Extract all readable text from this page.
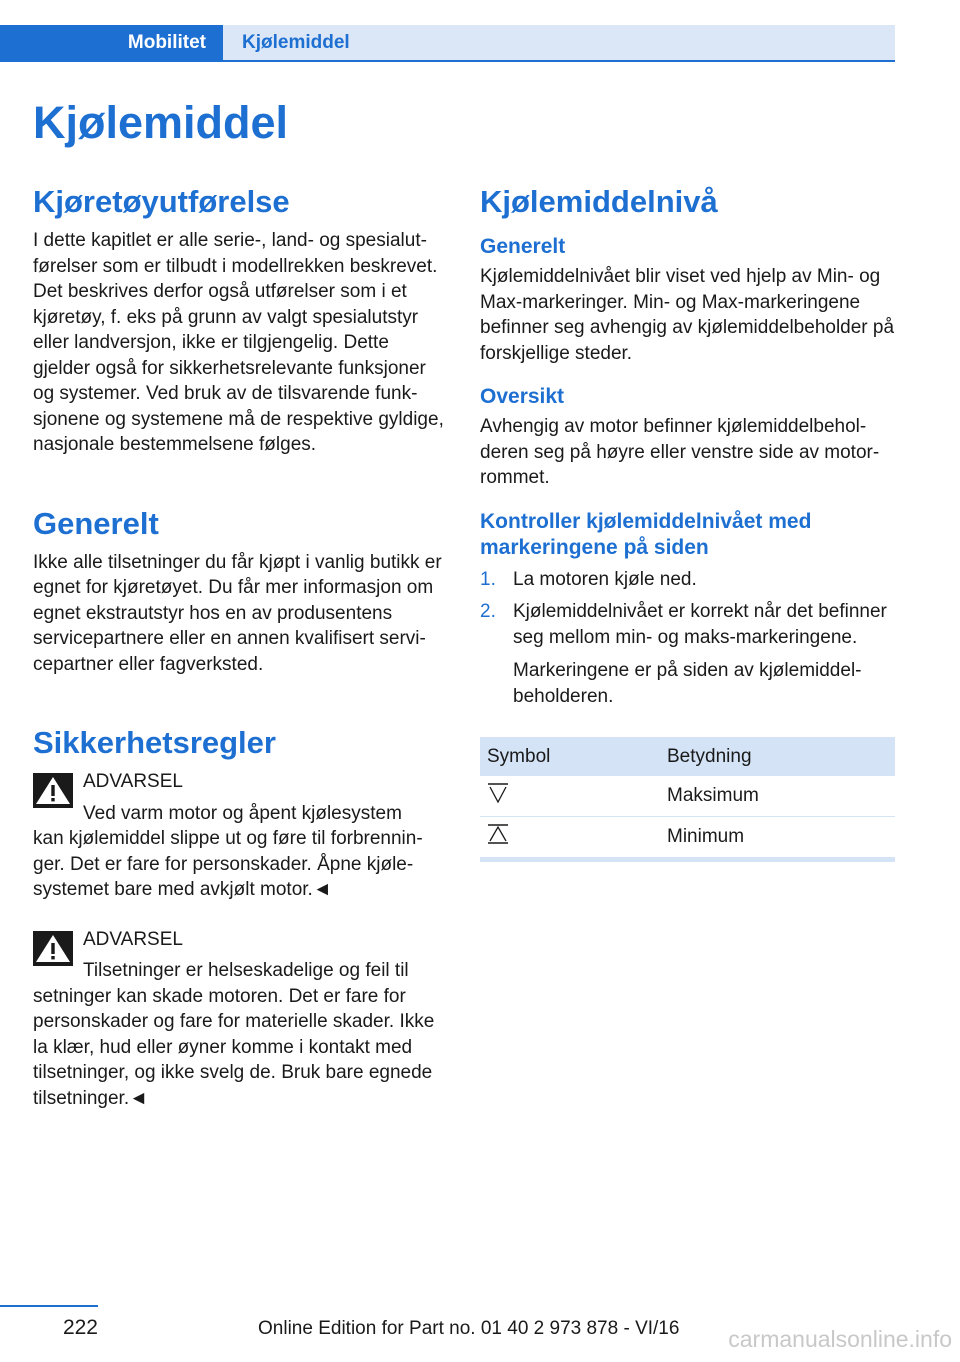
Mobilitet Kjølemiddel
Kjølemiddel
Kjøretøyutførelse

I dette kapitlet er alle serie-, land- og spesialutførelser som er tilbudt i modellrekken beskrevet. Det beskrives derfor også utførelser som i et kjøretøy, f. eks på grunn av valgt spesialutstyr eller landversjon, ikke er tilgjengelig. Dette gjelder også for sikkerhetsrelevante funksjoner og systemer. Ved bruk av de tilsvarende funksjonene og systemene må de respektive gyldige, nasjonale bestemmelsene følges.

Generelt

Ikke alle tilsetninger du får kjøpt i vanlig butikk er egnet for kjøretøyet. Du får mer informasjon om egnet ekstrautstyr hos en av produsentens servicepartnere eller en annen kvalifisert servicepartner eller fagverksted.

Sikkerhetsregler
ADVARSEL
Ved varm motor og åpent kjølesystem
kan kjølemiddel slippe ut og føre til forbrenninger. Det er fare for personskader. Åpne kjølesystemet bare med avkjølt motor.◄
ADVARSEL
Tilsetninger er helseskadelige og feil til
setninger kan skade motoren. Det er fare for personskader og fare for materielle skader. Ikke la klær, hud eller øyner komme i kontakt med tilsetninger, og ikke svelg de. Bruk bare egnede tilsetninger.◄
Kjølemiddelnivå
Generelt

Kjølemiddelnivået blir viset ved hjelp av Min- og Max-markeringer. Min- og Max-markeringene befinner seg avhengig av kjølemiddelbeholder på forskjellige steder.

Oversikt

Avhengig av motor befinner kjølemiddelbeholderen seg på høyre eller venstre side av motorrommet.

Kontroller kjølemiddelnivået med markeringene på siden
1. La motoren kjøle ned.
2. Kjølemiddelnivået er korrekt når det befinner seg mellom min- og maks-markeringene.
Markeringene er på siden av kjølemiddelbeholderen.
Symbol	Betydning
	Maksimum
	Minimum
222	Online Edition for Part no. 01 40 2 973 878 - VI/16 carmanualsonline.info
